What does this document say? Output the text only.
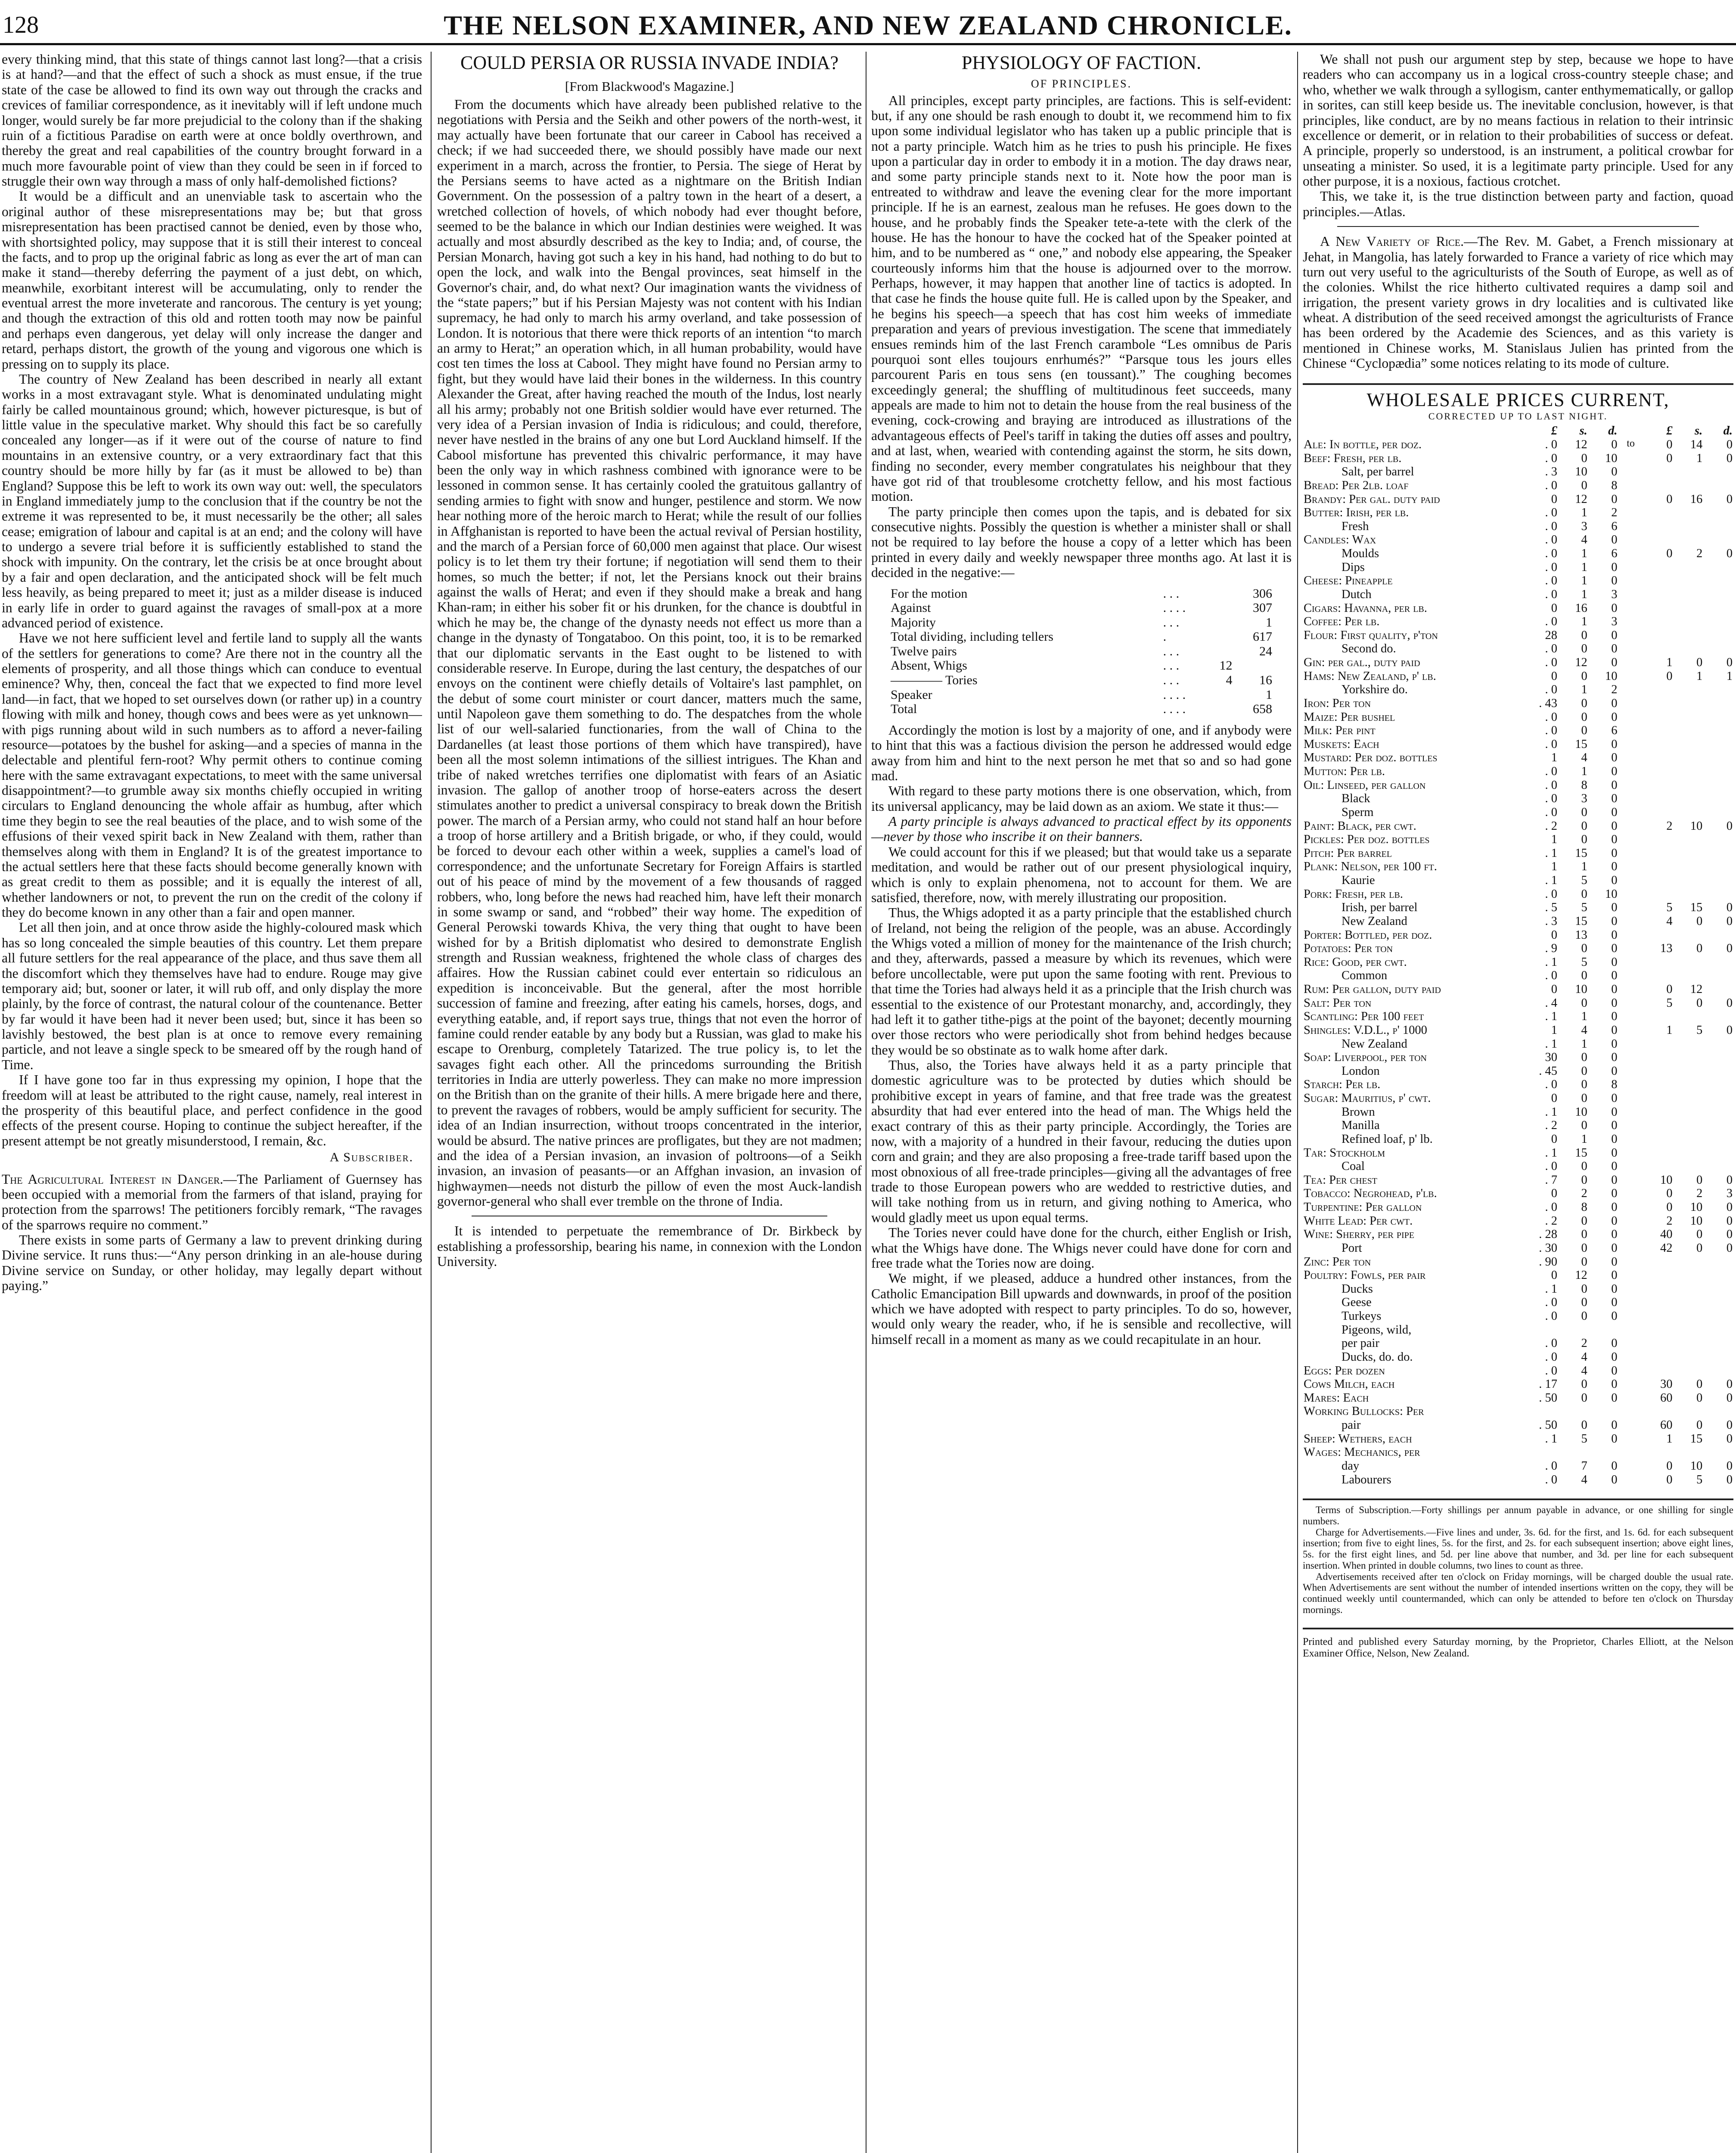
128	THE NELSON EXAMINER, AND NEW ZEALAND CHRONICLE.

every thinking mind, that this state of things cannot last long?—that a crisis is at hand?—and that the effect of such a shock as must ensue, if the true state of the case be allowed to find its own way out through the cracks and crevices of familiar correspondence, as it inevitably will if left undone much longer, would surely be far more prejudicial to the colony than if the shaking ruin of a fictitious Paradise on earth were at once boldly overthrown, and thereby the great and real capabilities of the country brought forward in a much more favourable point of view than they could be seen in if forced to struggle their own way through a mass of only half-demolished fictions?

It would be a difficult and an unenviable task to ascertain who the original author of these misrepresentations may be; but that gross misrepresentation has been practised cannot be denied, even by those who, with shortsighted policy, may suppose that it is still their interest to conceal the facts, and to prop up the original fabric as long as ever the art of man can make it stand—thereby deferring the payment of a just debt, on which, meanwhile, exorbitant interest will be accumulating, only to render the eventual arrest the more inveterate and rancorous. The century is yet young; and though the extraction of this old and rotten tooth may now be painful and perhaps even dangerous, yet delay will only increase the danger and retard, perhaps distort, the growth of the young and vigorous one which is pressing on to supply its place.

The country of New Zealand has been described in nearly all extant works in a most extravagant style. What is denominated undulating might fairly be called mountainous ground; which, however picturesque, is but of little value in the speculative market. Why should this fact be so carefully concealed any longer—as if it were out of the course of nature to find mountains in an extensive country, or a very extraordinary fact that this country should be more hilly by far (as it must be allowed to be) than England? Suppose this be left to work its own way out: well, the speculators in England immediately jump to the conclusion that if the country be not the extreme it was represented to be, it must necessarily be the other; all sales cease; emigration of labour and capital is at an end; and the colony will have to undergo a severe trial before it is sufficiently established to stand the shock with impunity. On the contrary, let the crisis be at once brought about by a fair and open declaration, and the anticipated shock will be felt much less heavily, as being prepared to meet it; just as a milder disease is induced in early life in order to guard against the ravages of small-pox at a more advanced period of existence.

Have we not here sufficient level and fertile land to supply all the wants of the settlers for generations to come? Are there not in the country all the elements of prosperity, and all those things which can conduce to eventual eminence? Why, then, conceal the fact that we expected to find more level land—in fact, that we hoped to set ourselves down (or rather up) in a country flowing with milk and honey, though cows and bees were as yet unknown—with pigs running about wild in such numbers as to afford a never-failing resource—potatoes by the bushel for asking—and a species of manna in the delectable and plentiful fern-root? Why permit others to continue coming here with the same extravagant expectations, to meet with the same universal disappointment?—to grumble away six months chiefly occupied in writing circulars to England denouncing the whole affair as humbug, after which time they begin to see the real beauties of the place, and to wish some of the effusions of their vexed spirit back in New Zealand with them, rather than themselves along with them in England? It is of the greatest importance to the actual settlers here that these facts should become generally known with as great credit to them as possible; and it is equally the interest of all, whether landowners or not, to prevent the run on the credit of the colony if they do become known in any other than a fair and open manner.

Let all then join, and at once throw aside the highly-coloured mask which has so long concealed the simple beauties of this country. Let them prepare all future settlers for the real appearance of the place, and thus save them all the discomfort which they themselves have had to endure. Rouge may give temporary aid; but, sooner or later, it will rub off, and only display the more plainly, by the force of contrast, the natural colour of the countenance. Better by far would it have been had it never been used; but, since it has been so lavishly bestowed, the best plan is at once to remove every remaining particle, and not leave a single speck to be smeared off by the rough hand of Time.

If I have gone too far in thus expressing my opinion, I hope that the freedom will at least be attributed to the right cause, namely, real interest in the prosperity of this beautiful place, and perfect confidence in the good effects of the present course. Hoping to continue the subject hereafter, if the present attempt be not greatly misunderstood, I remain, &c.

A Subscriber.

The Agricultural Interest in Danger.—The Parliament of Guernsey has been occupied with a memorial from the farmers of that island, praying for protection from the sparrows! The petitioners forcibly remark, “The ravages of the sparrows require no comment.”

There exists in some parts of Germany a law to prevent drinking during Divine service. It runs thus:—“Any person drinking in an ale-house during Divine service on Sunday, or other holiday, may legally depart without paying.”

COULD PERSIA OR RUSSIA INVADE INDIA?
[From Blackwood's Magazine.]

From the documents which have already been published relative to the negotiations with Persia and the Seikh and other powers of the north-west, it may actually have been fortunate that our career in Cabool has received a check; if we had succeeded there, we should possibly have made our next experiment in a march, across the frontier, to Persia. The siege of Herat by the Persians seems to have acted as a nightmare on the British Indian Government. On the possession of a paltry town in the heart of a desert, a wretched collection of hovels, of which nobody had ever thought before, seemed to be the balance in which our Indian destinies were weighed. It was actually and most absurdly described as the key to India; and, of course, the Persian Monarch, having got such a key in his hand, had nothing to do but to open the lock, and walk into the Bengal provinces, seat himself in the Governor's chair, and, do what next? Our imagination wants the vividness of the “state papers;” but if his Persian Majesty was not content with his Indian supremacy, he had only to march his army overland, and take possession of London. It is notorious that there were thick reports of an intention “to march an army to Herat;” an operation which, in all human probability, would have cost ten times the loss at Cabool. They might have found no Persian army to fight, but they would have laid their bones in the wilderness. In this country Alexander the Great, after having reached the mouth of the Indus, lost nearly all his army; probably not one British soldier would have ever returned. The very idea of a Persian invasion of India is ridiculous; and could, therefore, never have nestled in the brains of any one but Lord Auckland himself. If the Cabool misfortune has prevented this chivalric performance, it may have been the only way in which rashness combined with ignorance were to be lessoned in common sense. It has certainly cooled the gratuitous gallantry of sending armies to fight with snow and hunger, pestilence and storm. We now hear nothing more of the heroic march to Herat; while the result of our follies in Affghanistan is reported to have been the actual revival of Persian hostility, and the march of a Persian force of 60,000 men against that place. Our wisest policy is to let them try their fortune; if negotiation will send them to their homes, so much the better; if not, let the Persians knock out their brains against the walls of Herat; and even if they should make a break and hang Khan-ram; in either his sober fit or his drunken, for the chance is doubtful in which he may be, the change of the dynasty needs not effect us more than a change in the dynasty of Tongataboo. On this point, too, it is to be remarked that our diplomatic servants in the East ought to be listened to with considerable reserve. In Europe, during the last century, the despatches of our envoys on the continent were chiefly details of Voltaire's last pamphlet, on the debut of some court minister or court dancer, matters much the same, until Napoleon gave them something to do. The despatches from the whole list of our well-salaried functionaries, from the wall of China to the Dardanelles (at least those portions of them which have transpired), have been all the most solemn intimations of the silliest intrigues. The Khan and tribe of naked wretches terrifies one diplomatist with fears of an Asiatic invasion. The gallop of another troop of horse-eaters across the desert stimulates another to predict a universal conspiracy to break down the British power. The march of a Persian army, who could not stand half an hour before a troop of horse artillery and a British brigade, or who, if they could, would be forced to devour each other within a week, supplies a camel's load of correspondence; and the unfortunate Secretary for Foreign Affairs is startled out of his peace of mind by the movement of a few thousands of ragged robbers, who, long before the news had reached him, have left their monarch in some swamp or sand, and “robbed” their way home. The expedition of General Perowski towards Khiva, the very thing that ought to have been wished for by a British diplomatist who desired to demonstrate English strength and Russian weakness, frightened the whole class of charges des affaires. How the Russian cabinet could ever entertain so ridiculous an expedition is inconceivable. But the general, after the most horrible succession of famine and freezing, after eating his camels, horses, dogs, and everything eatable, and, if report says true, things that not even the horror of famine could render eatable by any body but a Russian, was glad to make his escape to Orenburg, completely Tatarized. The true policy is, to let the savages fight each other. All the princedoms surrounding the British territories in India are utterly powerless. They can make no more impression on the British than on the granite of their hills. A mere brigade here and there, to prevent the ravages of robbers, would be amply sufficient for security. The idea of an Indian insurrection, without troops concentrated in the interior, would be absurd. The native princes are profligates, but they are not madmen; and the idea of a Persian invasion, an invasion of poltroons—of a Seikh invasion, an invasion of peasants—or an Affghan invasion, an invasion of highwaymen—needs not disturb the pillow of even the most Auck-landish governor-general who shall ever tremble on the throne of India.

It is intended to perpetuate the remembrance of Dr. Birkbeck by establishing a professorship, bearing his name, in connexion with the London University.

PHYSIOLOGY OF FACTION.
OF PRINCIPLES.

All principles, except party principles, are factions. This is self-evident: but, if any one should be rash enough to doubt it, we recommend him to fix upon some individual legislator who has taken up a public principle that is not a party principle. Watch him as he tries to push his principle. He fixes upon a particular day in order to embody it in a motion. The day draws near, and some party principle stands next to it. Note how the poor man is entreated to withdraw and leave the evening clear for the more important principle. If he is an earnest, zealous man he refuses. He goes down to the house, and he probably finds the Speaker tete-a-tete with the clerk of the house. He has the honour to have the cocked hat of the Speaker pointed at him, and to be numbered as “ one,” and nobody else appearing, the Speaker courteously informs him that the house is adjourned over to the morrow. Perhaps, however, it may happen that another line of tactics is adopted. In that case he finds the house quite full. He is called upon by the Speaker, and he begins his speech—a speech that has cost him weeks of immediate preparation and years of previous investigation. The scene that immediately ensues reminds him of the last French carambole “Les omnibus de Paris pourquoi sont elles toujours enrhumés?” “Parsque tous les jours elles parcourent Paris en tous sens (en toussant).” The coughing becomes exceedingly general; the shuffling of multitudinous feet succeeds, many appeals are made to him not to detain the house from the real business of the evening, cock-crowing and braying are introduced as illustrations of the advantageous effects of Peel's tariff in taking the duties off asses and poultry, and at last, when, wearied with contending against the storm, he sits down, finding no seconder, every member congratulates his neighbour that they have got rid of that troublesome crotchetty fellow, and his most factious motion.

The party principle then comes upon the tapis, and is debated for six consecutive nights. Possibly the question is whether a minister shall or shall not be required to lay before the house a copy of a letter which has been printed in every daily and weekly newspaper three months ago. At last it is decided in the negative:—

For the motion	. . .		306
Against	. . . .		307

Majority	. . .		1

Total dividing, including tellers	.		617
Twelve pairs	. . .		24
Absent, Whigs	. . .	12	
———— Tories	. . .	4	16
Speaker	. . . .		1

Total	. . . .		658

Accordingly the motion is lost by a majority of one, and if anybody were to hint that this was a factious division the person he addressed would edge away from him and hint to the next person he met that so and so had gone mad.

With regard to these party motions there is one observation, which, from its universal applicancy, may be laid down as an axiom. We state it thus:—

A party principle is always advanced to practical effect by its opponents—never by those who inscribe it on their banners.

We could account for this if we pleased; but that would take us a separate meditation, and would be rather out of our present physiological inquiry, which is only to explain phenomena, not to account for them. We are satisfied, therefore, now, with merely illustrating our proposition.

Thus, the Whigs adopted it as a party principle that the established church of Ireland, not being the religion of the people, was an abuse. Accordingly the Whigs voted a million of money for the maintenance of the Irish church; and they, afterwards, passed a measure by which its revenues, which were before uncollectable, were put upon the same footing with rent. Previous to that time the Tories had always held it as a principle that the Irish church was essential to the existence of our Protestant monarchy, and, accordingly, they had left it to gather tithe-pigs at the point of the bayonet; decently mourning over those rectors who were periodically shot from behind hedges because they would be so obstinate as to walk home after dark.

Thus, also, the Tories have always held it as a party principle that domestic agriculture was to be protected by duties which should be prohibitive except in years of famine, and that free trade was the greatest absurdity that had ever entered into the head of man. The Whigs held the exact contrary of this as their party principle. Accordingly, the Tories are now, with a majority of a hundred in their favour, reducing the duties upon corn and grain; and they are also proposing a free-trade tariff based upon the most obnoxious of all free-trade principles—giving all the advantages of free trade to those European powers who are wedded to restrictive duties, and will take nothing from us in return, and giving nothing to America, who would gladly meet us upon equal terms.

The Tories never could have done for the church, either English or Irish, what the Whigs have done. The Whigs never could have done for corn and free trade what the Tories now are doing.

We might, if we pleased, adduce a hundred other instances, from the Catholic Emancipation Bill upwards and downwards, in proof of the position which we have adopted with respect to party principles. To do so, however, would only weary the reader, who, if he is sensible and recollective, will himself recall in a moment as many as we could recapitulate in an hour.

We shall not push our argument step by step, because we hope to have readers who can accompany us in a logical cross-country steeple chase; and who, whether we walk through a syllogism, canter enthymematically, or gallop in sorites, can still keep beside us. The inevitable conclusion, however, is that principles, like conduct, are by no means factious in relation to their intrinsic excellence or demerit, or in relation to their probabilities of success or defeat. A principle, properly so understood, is an instrument, a political crowbar for unseating a minister. So used, it is a legitimate party principle. Used for any other purpose, it is a noxious, factious crotchet.

This, we take it, is the true distinction between party and faction, quoad principles.—Atlas.

A New Variety of Rice.—The Rev. M. Gabet, a French missionary at Jehat, in Mangolia, has lately forwarded to France a variety of rice which may turn out very useful to the agriculturists of the South of Europe, as well as of the colonies. Whilst the rice hitherto cultivated requires a damp soil and irrigation, the present variety grows in dry localities and is cultivated like wheat. A distribution of the seed received amongst the agriculturists of France has been ordered by the Academie des Sciences, and as this variety is mentioned in Chinese works, M. Stanislaus Julien has printed from the Chinese “Cyclopædia” some notices relating to its mode of culture.

WHOLESALE PRICES CURRENT,
CORRECTED UP TO LAST NIGHT.
	£	s.	d.		£	s.	d.
Ale: In bottle, per doz.	. 0	12	0	to	0	14	0
Beef: Fresh, per lb.	. 0	0	10		0	1	0
Salt, per barrel	. 3	10	0				
Bread: Per 2lb. loaf	. 0	0	8				
Brandy: Per gal. duty paid	0	12	0		0	16	0
Butter: Irish, per lb.	. 0	1	2				
Fresh	. 0	3	6				
Candles: Wax	. 0	4	0				
Moulds	. 0	1	6		0	2	0
Dips	. 0	1	0				
Cheese: Pineapple	. 0	1	0				
Dutch	. 0	1	3				
Cigars: Havanna, per lb.	0	16	0				
Coffee: Per lb.	. 0	1	3				
Flour: First quality, p'ton	28	0	0				
Second do.	. 0	0	0				
Gin: per gal., duty paid	. 0	12	0		1	0	0
Hams: New Zealand, p' lb.	0	0	10		0	1	1
Yorkshire do.	. 0	1	2				
Iron: Per ton	. 43	0	0				
Maize: Per bushel	. 0	0	0				
Milk: Per pint	. 0	0	6				
Muskets: Each	. 0	15	0				
Mustard: Per doz. bottles	1	4	0				
Mutton: Per lb.	. 0	1	0				
Oil: Linseed, per gallon	. 0	8	0				
Black	. 0	3	0				
Sperm	. 0	0	0				
Paint: Black, per cwt.	. 2	0	0		2	10	0
Pickles: Per doz. bottles	1	0	0				
Pitch: Per barrel	. 1	15	0				
Plank: Nelson, per 100 ft.	1	1	0				
Kaurie	. 1	5	0				
Pork: Fresh, per lb.	. 0	0	10				
Irish, per barrel	. 5	5	0		5	15	0
New Zealand	. 3	15	0		4	0	0
Porter: Bottled, per doz.	0	13	0				
Potatoes: Per ton	. 9	0	0		13	0	0
Rice: Good, per cwt.	. 1	5	0				
Common	. 0	0	0				
Rum: Per gallon, duty paid	0	10	0		0	12	
Salt: Per ton	. 4	0	0		5	0	0
Scantling: Per 100 feet	. 1	1	0				
Shingles: V.D.L., p' 1000	1	4	0		1	5	0
New Zealand	. 1	1	0				
Soap: Liverpool, per ton	30	0	0				
London	. 45	0	0				
Starch: Per lb.	. 0	0	8				
Sugar: Mauritius, p' cwt.	0	0	0				
Brown	. 1	10	0				
Manilla	. 2	0	0				
Refined loaf, p' lb.	0	1	0				
Tar: Stockholm	. 1	15	0				
Coal	. 0	0	0				
Tea: Per chest	. 7	0	0		10	0	0
Tobacco: Negrohead, p'lb.	0	2	0		0	2	3
Turpentine: Per gallon	. 0	8	0		0	10	0
White Lead: Per cwt.	. 2	0	0		2	10	0
Wine: Sherry, per pipe	. 28	0	0		40	0	0
Port	. 30	0	0		42	0	0
Zinc: Per ton	. 90	0	0				

Poultry: Fowls, per pair	0	12	0				
Ducks	. 1	0	0				
Geese	. 0	0	0				
Turkeys	. 0	0	0				
Pigeons, wild,							
per pair	. 0	2	0				
Ducks, do. do.	. 0	4	0				
Eggs: Per dozen	. 0	4	0				

Cows Milch, each	. 17	0	0		30	0	0
Mares: Each	. 50	0	0		60	0	0
Working Bullocks: Per							
pair	. 50	0	0		60	0	0
Sheep: Wethers, each	. 1	5	0		1	15	0

Wages: Mechanics, per							
day	. 0	7	0		0	10	0
Labourers	. 0	4	0		0	5	0

Terms of Subscription.—Forty shillings per annum payable in advance, or one shilling for single numbers.

Charge for Advertisements.—Five lines and under, 3s. 6d. for the first, and 1s. 6d. for each subsequent insertion; from five to eight lines, 5s. for the first, and 2s. for each subsequent insertion; above eight lines, 5s. for the first eight lines, and 5d. per line above that number, and 3d. per line for each subsequent insertion. When printed in double columns, two lines to count as three.

Advertisements received after ten o'clock on Friday mornings, will be charged double the usual rate. When Advertisements are sent without the number of intended insertions written on the copy, they will be continued weekly until countermanded, which can only be attended to before ten o'clock on Thursday mornings.

Printed and published every Saturday morning, by the Proprietor, Charles Elliott, at the Nelson Examiner Office, Nelson, New Zealand.
